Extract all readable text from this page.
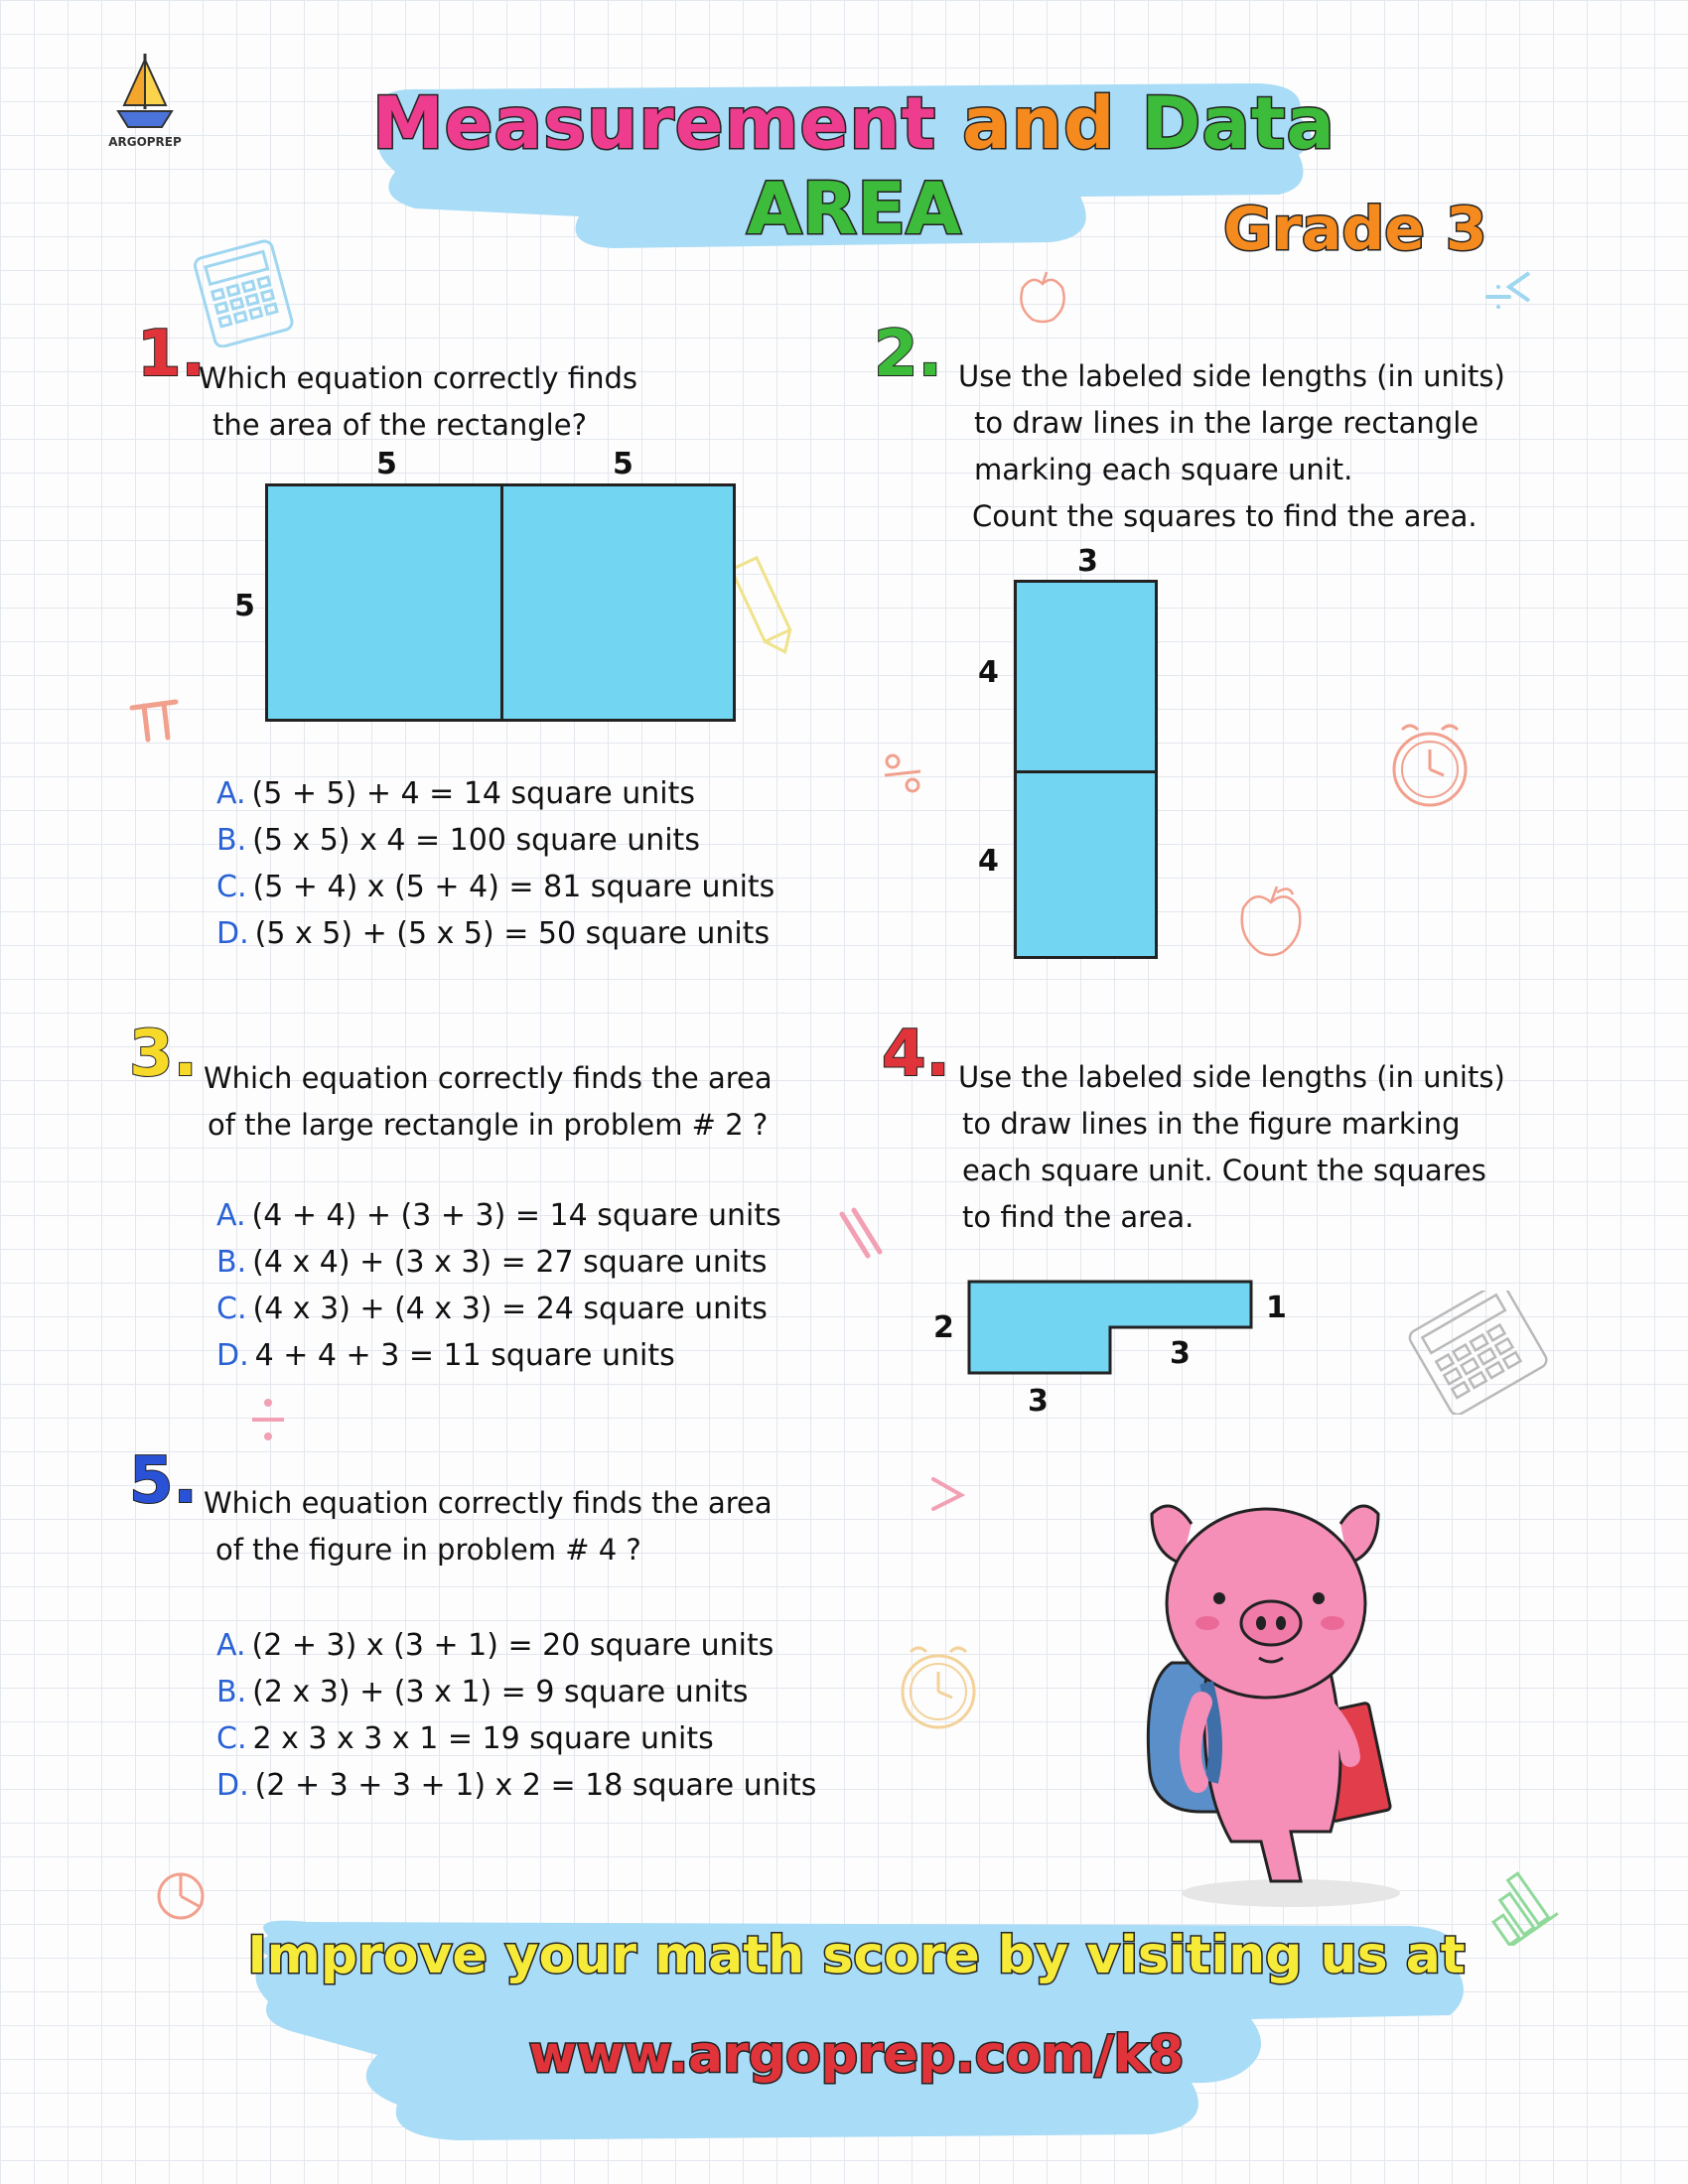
ARGOPREP	Measurement and Data
AREA	Grade 3
1.
Which equation correctly finds
the area of the rectangle?
5	5
5
A. (5 + 5) + 4 = 14 square units
B. (5 x 5) x 4 = 100 square units
C. (5 + 4) x (5 + 4) = 81 square units
D. (5 x 5) + (5 x 5) = 50 square units
2. Use the labeled side lengths (in units)
to draw lines in the large rectangle
marking each square unit.
Count the squares to find the area.
3
4
4
3. Which equation correctly finds the area
of the large rectangle in problem # 2 ?
A. (4 + 4) + (3 + 3) = 14 square units
B. (4 x 4) + (3 x 3) = 27 square units
C. (4 x 3) + (4 x 3) = 24 square units
D. 4 + 4 + 3 = 11 square units
4. Use the labeled side lengths (in units)
to draw lines in the figure marking
each square unit. Count the squares
to find the area.
2
1
3
3
5. Which equation correctly finds the area
of the figure in problem # 4 ?
A. (2 + 3) x (3 + 1) = 20 square units
B. (2 x 3) + (3 x 1) = 9 square units
C. 2 x 3 x 3 x 1 = 19 square units
D. (2 + 3 + 3 + 1) x 2 = 18 square units
Improve your math score by visiting us at
www.argoprep.com/k8
